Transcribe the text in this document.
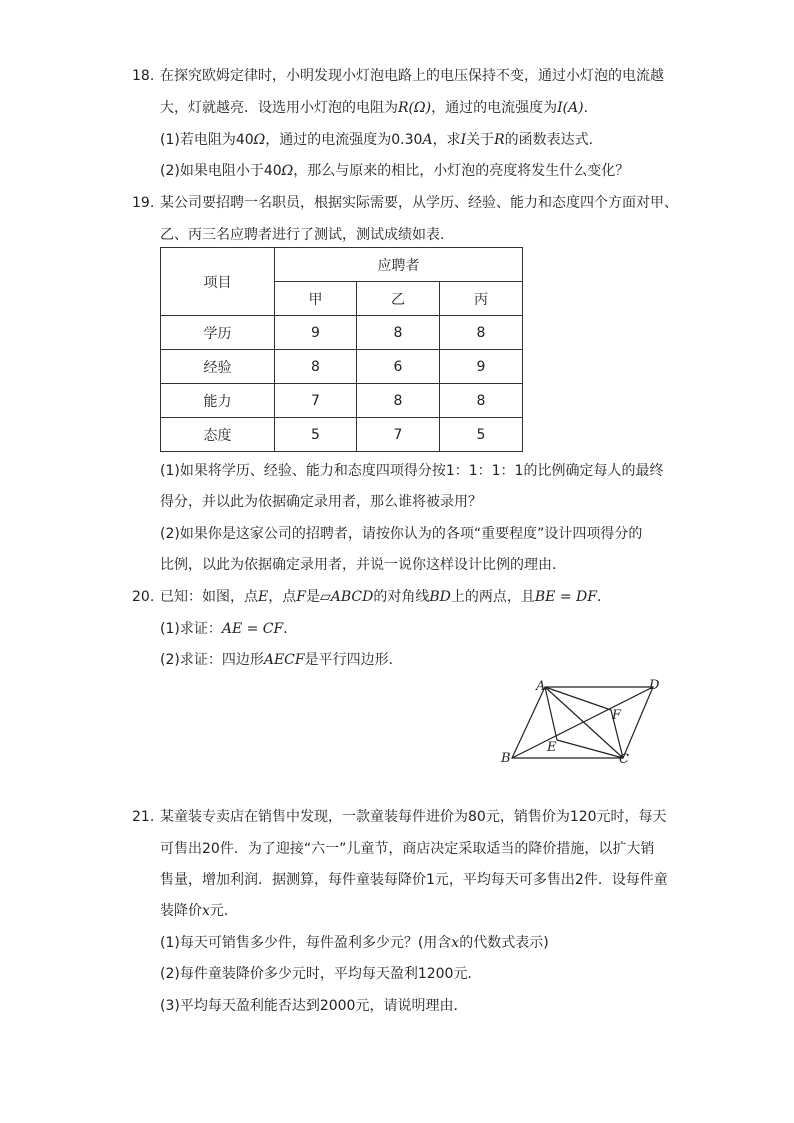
18. 在探究欧姆定律时，小明发现小灯泡电路上的电压保持不变，通过小灯泡的电流越
大，灯就越亮．设选用小灯泡的电阻为R(Ω)，通过的电流强度为I(A)．
(1)若电阻为40Ω，通过的电流强度为0.30A，求I关于R的函数表达式．
(2)如果电阻小于40Ω，那么与原来的相比，小灯泡的亮度将发生什么变化？
19. 某公司要招聘一名职员，根据实际需要，从学历、经验、能力和态度四个方面对甲、
乙、丙三名应聘者进行了测试，测试成绩如表．
项目	应聘者		
	甲	乙	丙
学历	9	8	8
经验	8	6	9
能力	7	8	8
态度	5	7	5
(1)如果将学历、经验、能力和态度四项得分按1：1：1：1的比例确定每人的最终
得分，并以此为依据确定录用者，那么谁将被录用？
(2)如果你是这家公司的招聘者，请按你认为的各项“重要程度”设计四项得分的
比例，以此为依据确定录用者，并说一说你这样设计比例的理由．
20. 已知：如图，点E，点F是▱ABCD的对角线BD上的两点，且BE = DF．
(1)求证：AE = CF．
(2)求证：四边形AECF是平行四边形．
A	D
B	C
E
F
21. 某童装专卖店在销售中发现，一款童装每件进价为80元，销售价为120元时，每天
可售出20件．为了迎接“六一”儿童节，商店决定采取适当的降价措施，以扩大销
售量，增加利润．据测算，每件童装每降价1元，平均每天可多售出2件．设每件童
装降价x元．
(1)每天可销售多少件，每件盈利多少元？(用含x的代数式表示)
(2)每件童装降价多少元时，平均每天盈利1200元．
(3)平均每天盈利能否达到2000元，请说明理由．
